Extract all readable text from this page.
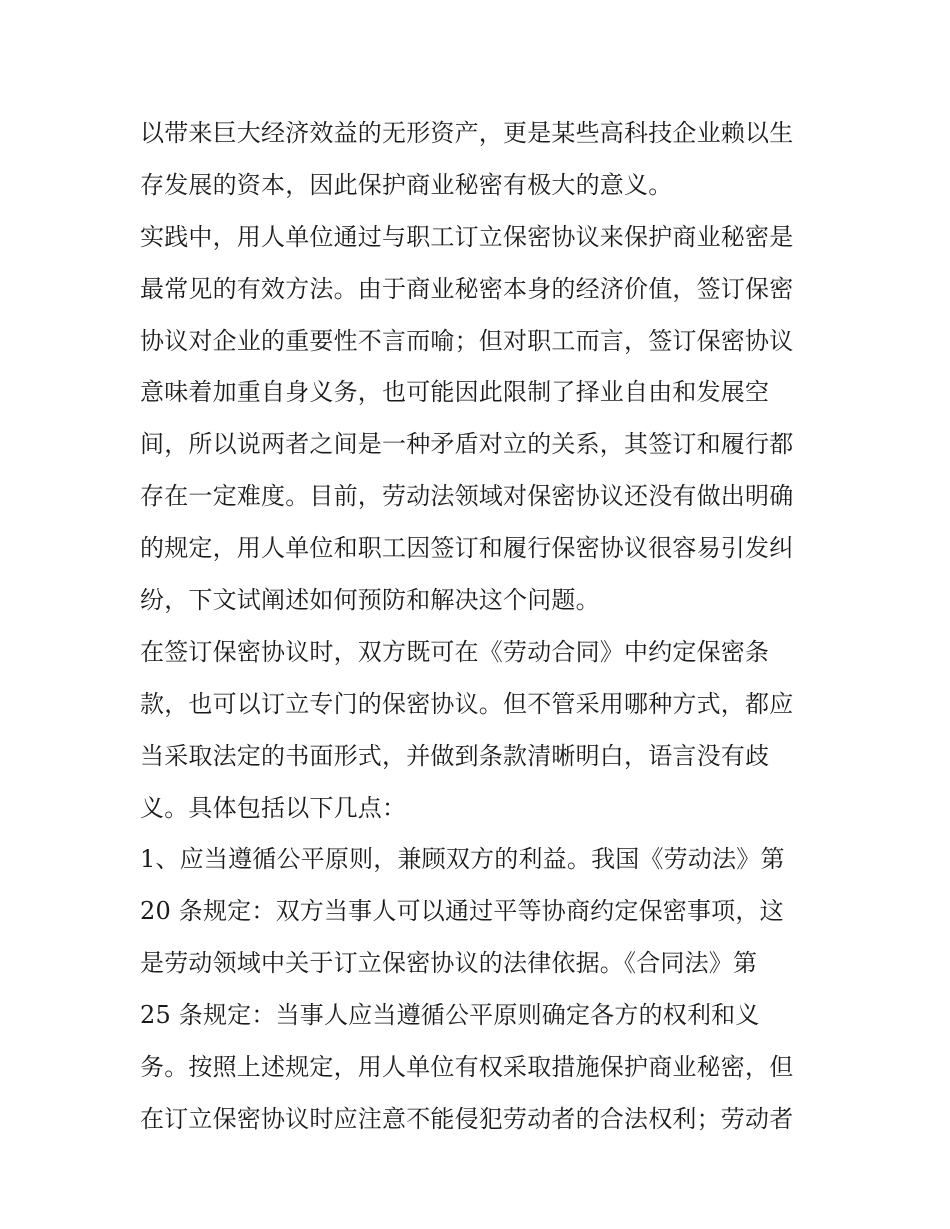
以带来巨大经济效益的无形资产，更是某些高科技企业赖以生
存发展的资本，因此保护商业秘密有极大的意义。
实践中，用人单位通过与职工订立保密协议来保护商业秘密是
最常见的有效方法。由于商业秘密本身的经济价值，签订保密
协议对企业的重要性不言而喻；但对职工而言，签订保密协议
意味着加重自身义务，也可能因此限制了择业自由和发展空
间，所以说两者之间是一种矛盾对立的关系，其签订和履行都
存在一定难度。目前，劳动法领域对保密协议还没有做出明确
的规定，用人单位和职工因签订和履行保密协议很容易引发纠
纷，下文试阐述如何预防和解决这个问题。
在签订保密协议时，双方既可在《劳动合同》中约定保密条
款，也可以订立专门的保密协议。但不管采用哪种方式，都应
当采取法定的书面形式，并做到条款清晰明白，语言没有歧
义。具体包括以下几点：
1、应当遵循公平原则，兼顾双方的利益。我国《劳动法》第
20 条规定：双方当事人可以通过平等协商约定保密事项，这
是劳动领域中关于订立保密协议的法律依据。《合同法》第
25 条规定：当事人应当遵循公平原则确定各方的权利和义
务。按照上述规定，用人单位有权采取措施保护商业秘密，但
在订立保密协议时应注意不能侵犯劳动者的合法权利；劳动者
